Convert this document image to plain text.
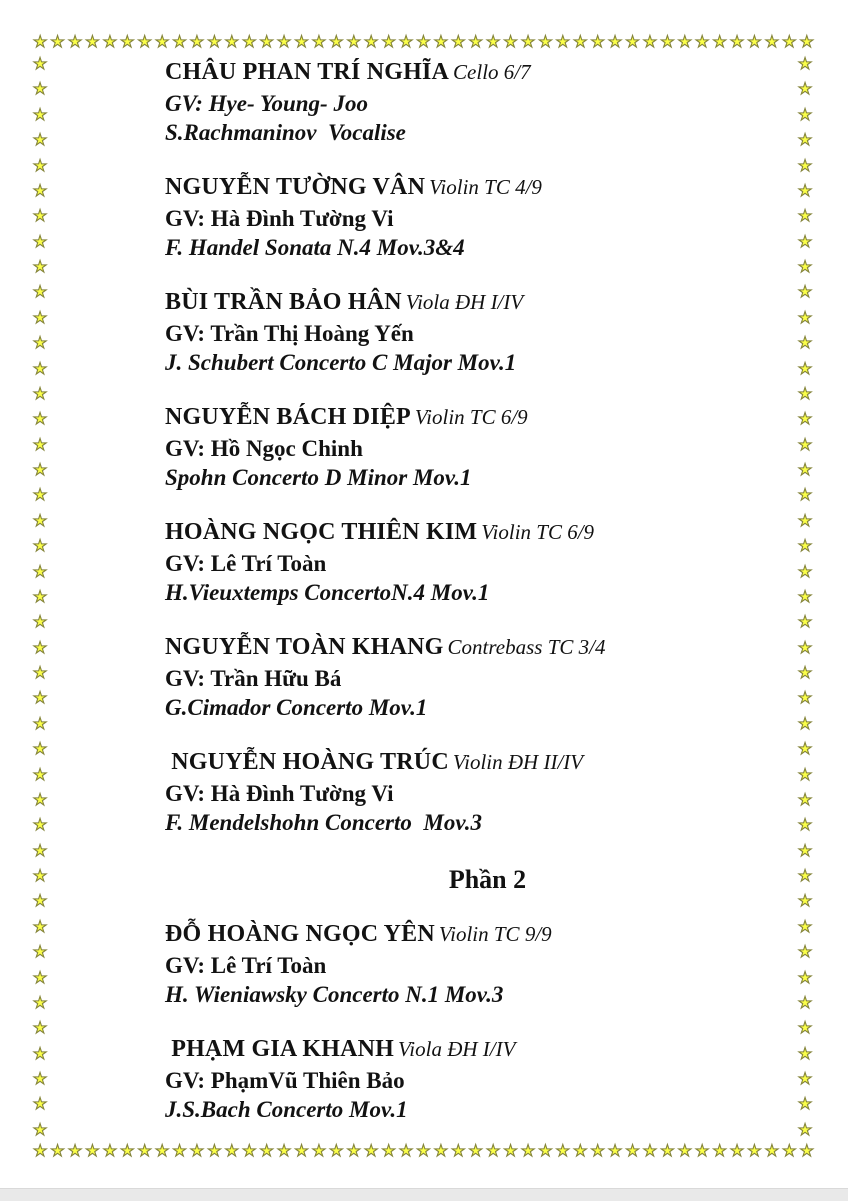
★ ★ ★ ★ ★ ★ ★ ★ ★ ★ ★ ★ ★ ★ ★ ★ ★ ★ ★ ★ ★ ★ ★ ★ ★ ★ ★ ★ ★ ★ ★ ★ ★ ★ ★ ★ ★ ★ ★ ★ ★ ★ ★ ★ ★
★
★
★
★
★
★
★
★
★
★
★
★
★
★
★
★
★
★
★
★
★
★
★
★
★
★
★
★
★
★
★
★
★
★
★
★
★
★
★
★
★
★
★
★
★
★
★
★
★
★
★
★
★
★
★
★
★
★
★
★
★
★
★
★
★
★
★
★
★
★
★
★
★
★
★
★
★
★
★
★
★
★
★
★
★
★
★ ★ ★ ★ ★ ★ ★ ★ ★ ★ ★ ★ ★ ★ ★ ★ ★ ★ ★ ★ ★ ★ ★ ★ ★ ★ ★ ★ ★ ★ ★ ★ ★ ★ ★ ★ ★ ★ ★ ★ ★ ★ ★ ★ ★
CHÂU PHAN TRÍ NGHĨA Cello 6/7
GV: Hye- Young- Joo
S.Rachmaninov  Vocalise
NGUYỄN TƯỜNG VÂN Violin TC 4/9
GV: Hà Đình Tường Vi
F. Handel Sonata N.4 Mov.3&4
BÙI TRẦN BẢO HÂN Viola ĐH I/IV
GV: Trần Thị Hoàng Yến
J. Schubert Concerto C Major Mov.1
NGUYỄN BÁCH DIỆP Violin TC 6/9
GV: Hồ Ngọc Chinh
Spohn Concerto D Minor Mov.1
HOÀNG NGỌC THIÊN KIM Violin TC 6/9
GV: Lê Trí Toàn
H.Vieuxtemps ConcertoN.4 Mov.1
NGUYỄN TOÀN KHANG Contrebass TC 3/4
GV: Trần Hữu Bá
G.Cimador Concerto Mov.1
NGUYỄN HOÀNG TRÚC Violin ĐH II/IV
GV: Hà Đình Tường Vi
F. Mendelshohn Concerto  Mov.3
Phần 2
ĐỖ HOÀNG NGỌC YÊN Violin TC 9/9
GV: Lê Trí Toàn
H. Wieniawsky Concerto N.1 Mov.3
PHẠM GIA KHANH Viola ĐH I/IV
GV: PhạmVũ Thiên Bảo
J.S.Bach Concerto Mov.1
